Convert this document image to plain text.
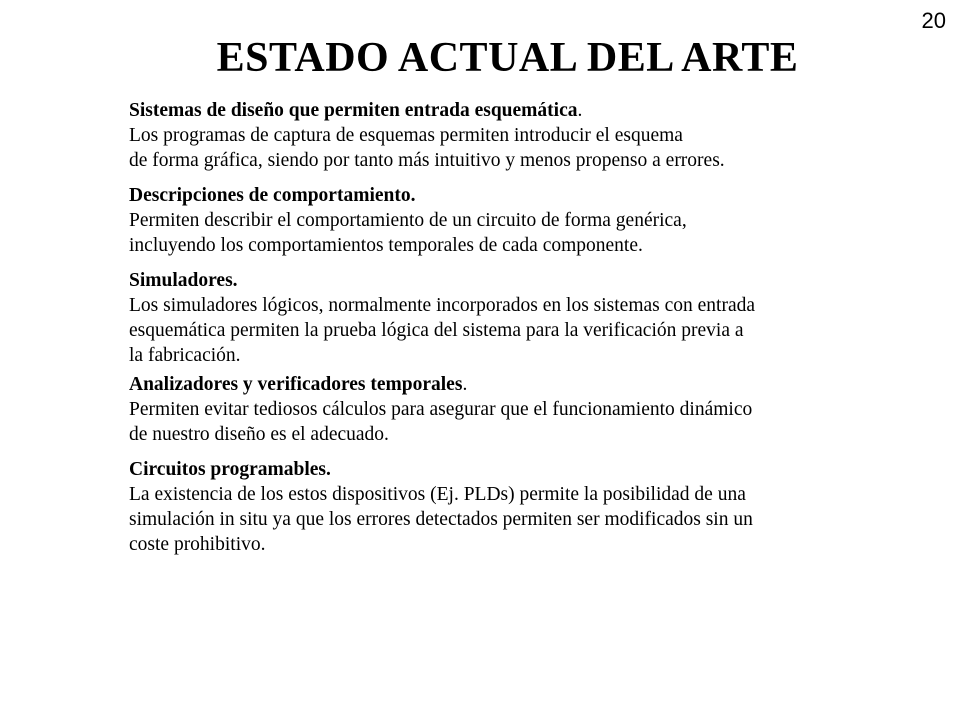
20
ESTADO ACTUAL DEL ARTE
Sistemas de diseño que permiten entrada esquemática.
Los programas de captura de esquemas permiten introducir el esquema
de forma gráfica, siendo por tanto más intuitivo y menos propenso a errores.
Descripciones de comportamiento.
Permiten describir el comportamiento de un circuito de forma genérica,
incluyendo los comportamientos temporales de cada componente.
Simuladores.
Los simuladores lógicos, normalmente incorporados en los sistemas con entrada
esquemática permiten la prueba lógica del sistema para la verificación previa a
la fabricación.
Analizadores y verificadores temporales.
Permiten evitar tediosos cálculos para asegurar que el funcionamiento dinámico
de nuestro diseño es el adecuado.
Circuitos programables.
La existencia de los estos dispositivos (Ej. PLDs) permite la posibilidad de una
simulación in situ ya que los errores detectados permiten ser modificados sin un
coste prohibitivo.
